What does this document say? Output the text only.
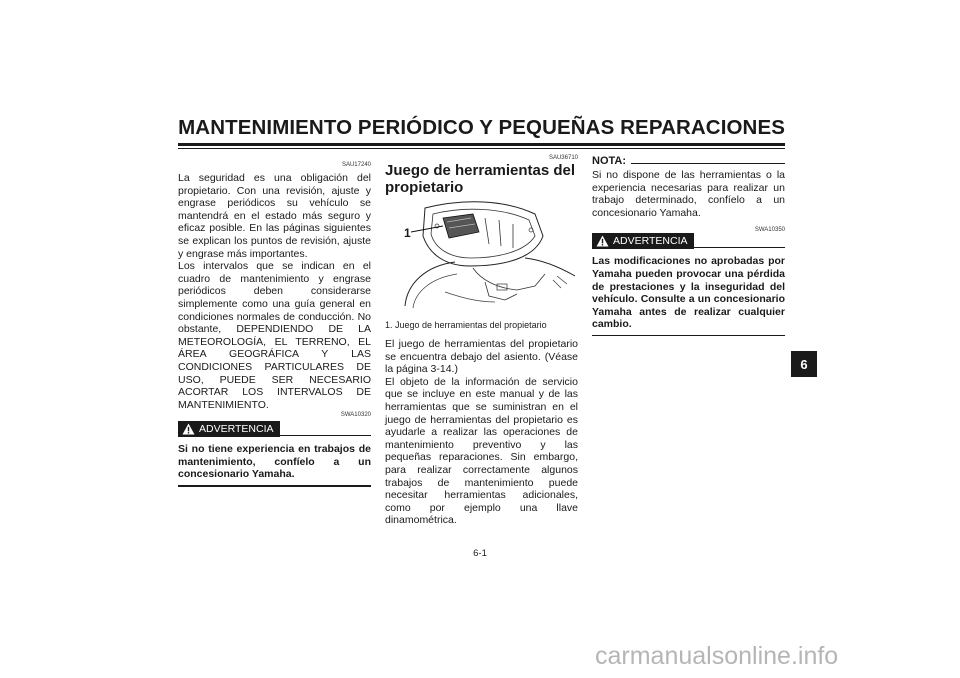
MANTENIMIENTO PERIÓDICO Y PEQUEÑAS REPARACIONES
SAU17240

La seguridad es una obligación del propietario. Con una revisión, ajuste y engrase periódicos su vehículo se mantendrá en el estado más seguro y eficaz posible. En las páginas siguientes se explican los puntos de revisión, ajuste y engrase más importantes.

Los intervalos que se indican en el cuadro de mantenimiento y engrase periódicos deben considerarse simplemente como una guía general en condiciones normales de conducción. No obstante, DEPENDIENDO DE LA METEOROLOGÍA, EL TERRENO, EL ÁREA GEOGRÁFICA Y LAS CONDICIONES PARTICULARES DE USO, PUEDE SER NECESARIO ACORTAR LOS INTERVALOS DE MANTENIMIENTO.

SWA10320
ADVERTENCIA
Si no tiene experiencia en trabajos de mantenimiento, confíelo a un concesionario Yamaha.
SAU36710
Juego de herramientas del propietario
1
1. Juego de herramientas del propietario

El juego de herramientas del propietario se encuentra debajo del asiento. (Véase la página 3-14.)

El objeto de la información de servicio que se incluye en este manual y de las herramientas que se suministran en el juego de herramientas del propietario es ayudarle a realizar las operaciones de mantenimiento preventivo y las pequeñas reparaciones. Sin embargo, para realizar correctamente algunos trabajos de mantenimiento puede necesitar herramientas adicionales, como por ejemplo una llave dinamométrica.

NOTA:
Si no dispone de las herramientas o la experiencia necesarias para realizar un trabajo determinado, confíelo a un concesionario Yamaha.
SWA10350
ADVERTENCIA
Las modificaciones no aprobadas por Yamaha pueden provocar una pérdida de prestaciones y la inseguridad del vehículo. Consulte a un concesionario Yamaha antes de realizar cualquier cambio.
6
6-1
carmanualsonline.info
